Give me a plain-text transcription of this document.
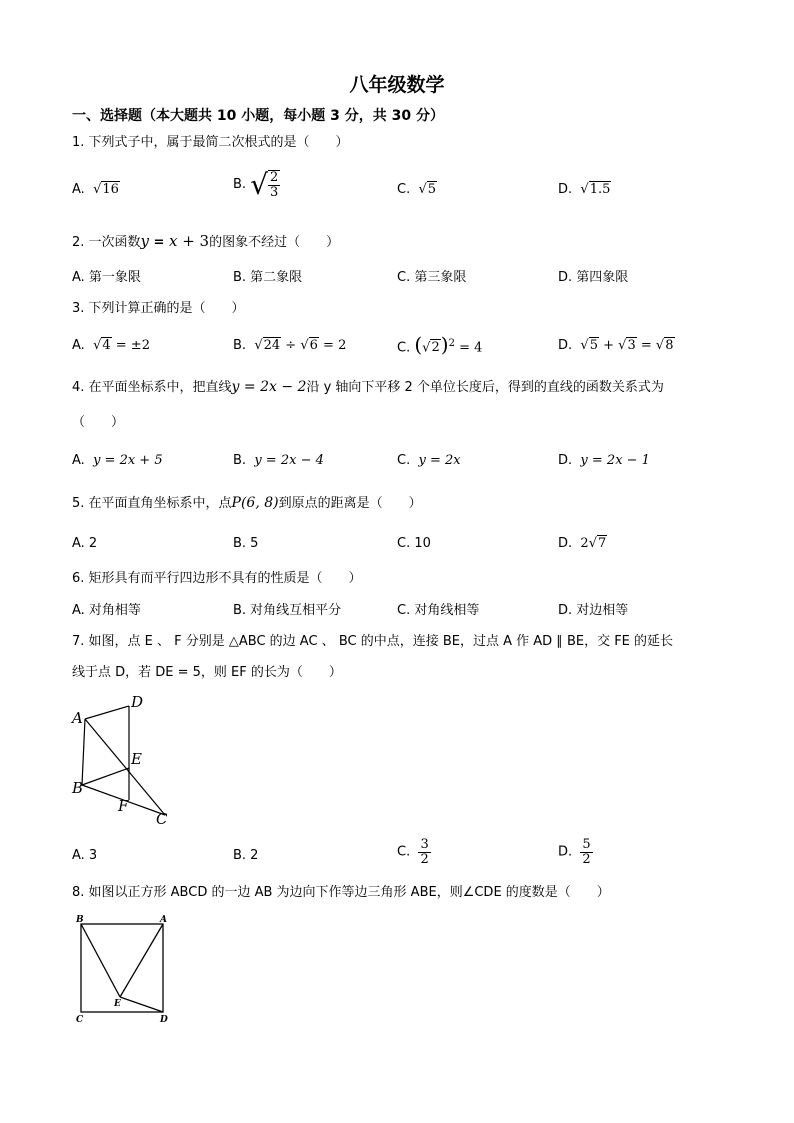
八年级数学
一、选择题（本大题共 10 小题，每小题 3 分，共 30 分）
1. 下列式子中，属于最简二次根式的是（　　）
A. √16	B. √ $\frac{2}{3}$	C. √5	D. √1.5
2. 一次函数y = x + 3的图象不经过（　　）
A. 第一象限	B. 第二象限	C. 第三象限	D. 第四象限
3. 下列计算正确的是（　　）
A. √4 = ±2	B. √24 ÷ √6 = 2	C. $(√2)^2 = 4$	D. √5 + √3 = √8
4. 在平面坐标系中，把直线y = 2x − 2沿 y 轴向下平移 2 个单位长度后，得到的直线的函数关系式为
（　　）
A. y = 2x + 5	B. y = 2x − 4	C. y = 2x	D. y = 2x − 1
5. 在平面直角坐标系中，点P(6, 8)到原点的距离是（　　）
A. 2	B. 5	C. 10	D. 2√7
6. 矩形具有而平行四边形不具有的性质是（　　）
A. 对角相等	B. 对角线互相平分	C. 对角线相等	D. 对边相等
7. 如图，点 E 、 F 分别是 △ABC 的边 AC 、 BC 的中点，连接 BE，过点 A 作 AD ∥ BE，交 FE 的延长
线于点 D，若 DE = 5，则 EF 的长为（　　）
A
D
E
B
F
C
A. 3	B. 2	C. $\frac{3}{2}$	D. $\frac{5}{2}$
8. 如图以正方形 ABCD 的一边 AB 为边向下作等边三角形 ABE，则∠CDE 的度数是（　　）
B	A
C	D
E
